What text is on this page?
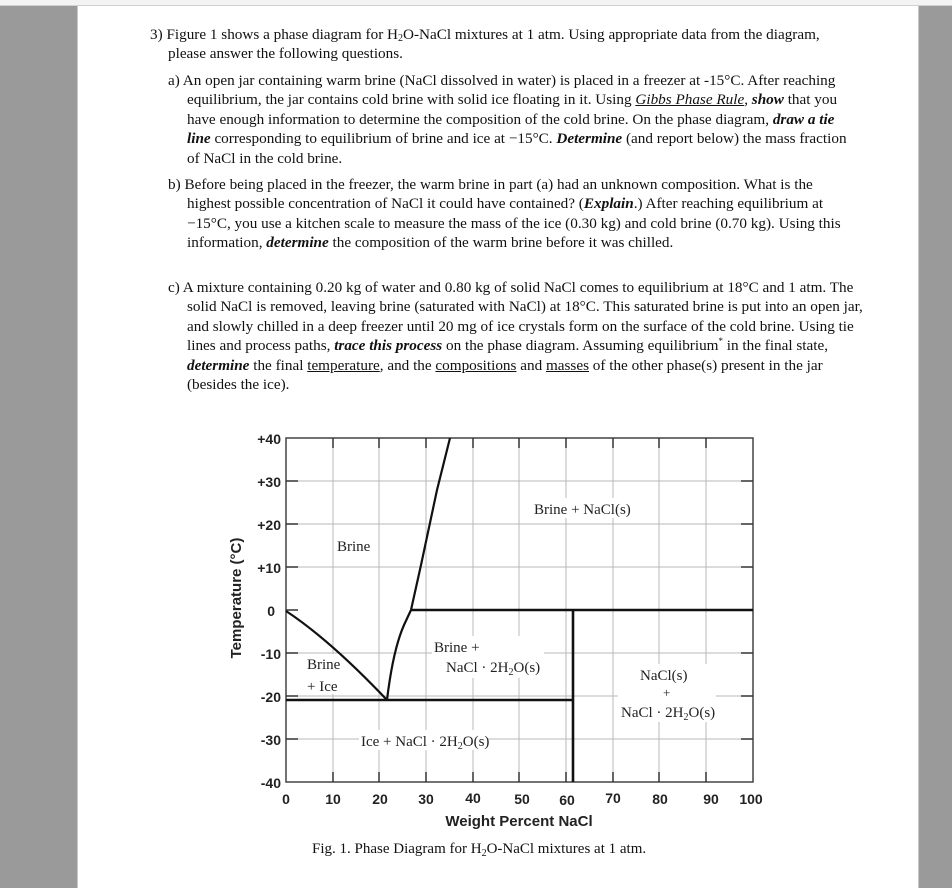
3) Figure 1 shows a phase diagram for $H_2O$-NaCl mixtures at 1 atm. Using appropriate data from the diagram, please answer the following questions.
a) An open jar containing warm brine (NaCl dissolved in water) is placed in a freezer at -15°C. After reaching equilibrium, the jar contains cold brine with solid ice floating in it. Using Gibbs Phase Rule, show that you have enough information to determine the composition of the cold brine. On the phase diagram, draw a tie line corresponding to equilibrium of brine and ice at −15°C. Determine (and report below) the mass fraction of NaCl in the cold brine.
b) Before being placed in the freezer, the warm brine in part (a) had an unknown composition. What is the highest possible concentration of NaCl it could have contained? (Explain.) After reaching equilibrium at −15°C, you use a kitchen scale to measure the mass of the ice (0.30 kg) and cold brine (0.70 kg). Using this information, determine the composition of the warm brine before it was chilled.
c) A mixture containing 0.20 kg of water and 0.80 kg of solid NaCl comes to equilibrium at 18°C and 1 atm. The solid NaCl is removed, leaving brine (saturated with NaCl) at 18°C. This saturated brine is put into an open jar, and slowly chilled in a deep freezer until 20 mg of ice crystals form on the surface of the cold brine. Using tie lines and process paths, trace this process on the phase diagram. Assuming equilibrium* in the final state, determine the final temperature, and the compositions and masses of the other phase(s) present in the jar (besides the ice).
+40
+30
+20
+10
0
-10
-20
-30
-40
0	10 20 30 40 50 60 70 80	90 100
Weight Percent NaCl
Temperature (°C)	Brine
Brine + NaCl(s)
Brine
+ Ice
Brine +
NaCl · $2H_2O(s)$	NaCl(s)
+
NaCl · $2H_2O(s)$
Ice + NaCl · $2H_2O(s)$
Fig. 1. Phase Diagram for $H_2O$-NaCl mixtures at 1 atm.
